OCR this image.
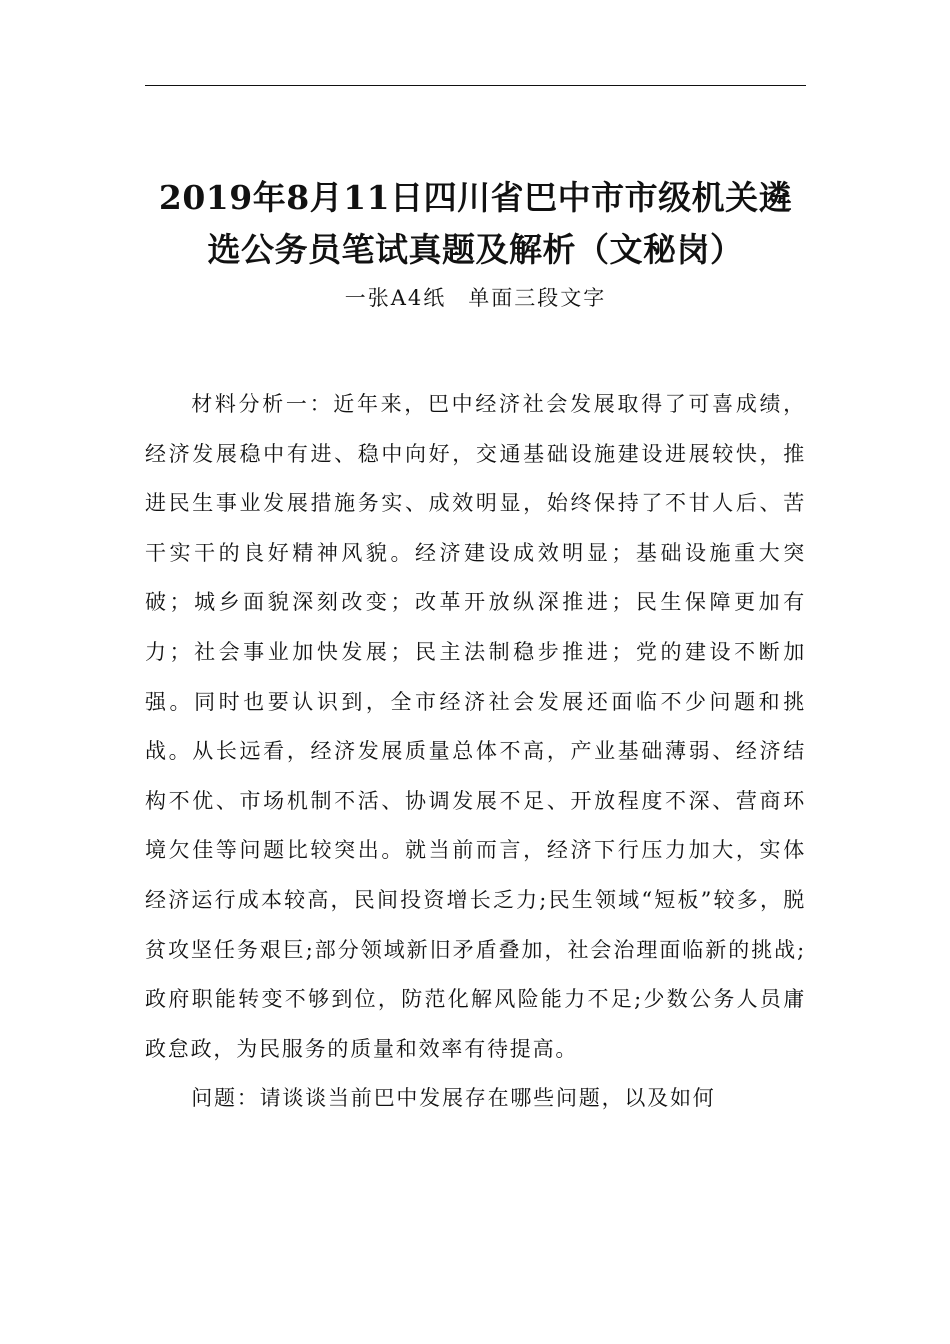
2019年8月11日四川省巴中市市级机关遴选公务员笔试真题及解析（文秘岗）
一张A4纸 单面三段文字

材料分析一：近年来，巴中经济社会发展取得了可喜成绩，经济发展稳中有进、稳中向好，交通基础设施建设进展较快，推进民生事业发展措施务实、成效明显，始终保持了不甘人后、苦干实干的良好精神风貌。经济建设成效明显；基础设施重大突破；城乡面貌深刻改变；改革开放纵深推进；民生保障更加有力；社会事业加快发展；民主法制稳步推进；党的建设不断加强。同时也要认识到，全市经济社会发展还面临不少问题和挑战。从长远看，经济发展质量总体不高，产业基础薄弱、经济结构不优、市场机制不活、协调发展不足、开放程度不深、营商环境欠佳等问题比较突出。就当前而言，经济下行压力加大，实体经济运行成本较高，民间投资增长乏力;民生领域“短板”较多，脱贫攻坚任务艰巨;部分领域新旧矛盾叠加，社会治理面临新的挑战;政府职能转变不够到位，防范化解风险能力不足;少数公务人员庸政怠政，为民服务的质量和效率有待提高。

问题：请谈谈当前巴中发展存在哪些问题，以及如何
